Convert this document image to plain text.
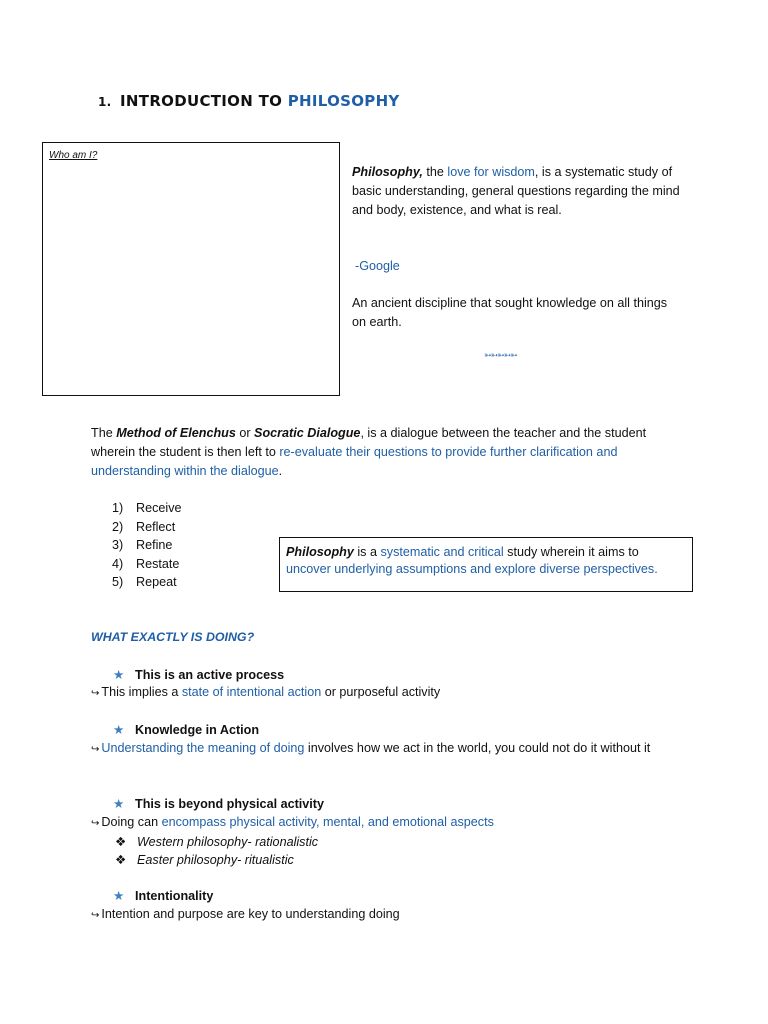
1. INTRODUCTION TO PHILOSOPHY
Who am I?
Philosophy, the love for wisdom, is a systematic study of basic understanding, general questions regarding the mind and body, existence, and what is real.
-Google
An ancient discipline that sought knowledge on all things on earth.
➳➳➳➳➳
The Method of Elenchus or Socratic Dialogue, is a dialogue between the teacher and the student wherein the student is then left to re-evaluate their questions to provide further clarification and understanding within the dialogue.
1) Receive
2) Reflect
3) Refine
4) Restate
5) Repeat
Philosophy is a systematic and critical study wherein it aims to uncover underlying assumptions and explore diverse perspectives.
WHAT EXACTLY IS DOING?
★ This is an active process
↪ This implies a state of intentional action or purposeful activity
★ Knowledge in Action
↪ Understanding the meaning of doing involves how we act in the world, you could not do it without it
★ This is beyond physical activity
↪ Doing can encompass physical activity, mental, and emotional aspects
❖ Western philosophy- rationalistic
❖ Easter philosophy- ritualistic
★ Intentionality
↪ Intention and purpose are key to understanding doing
